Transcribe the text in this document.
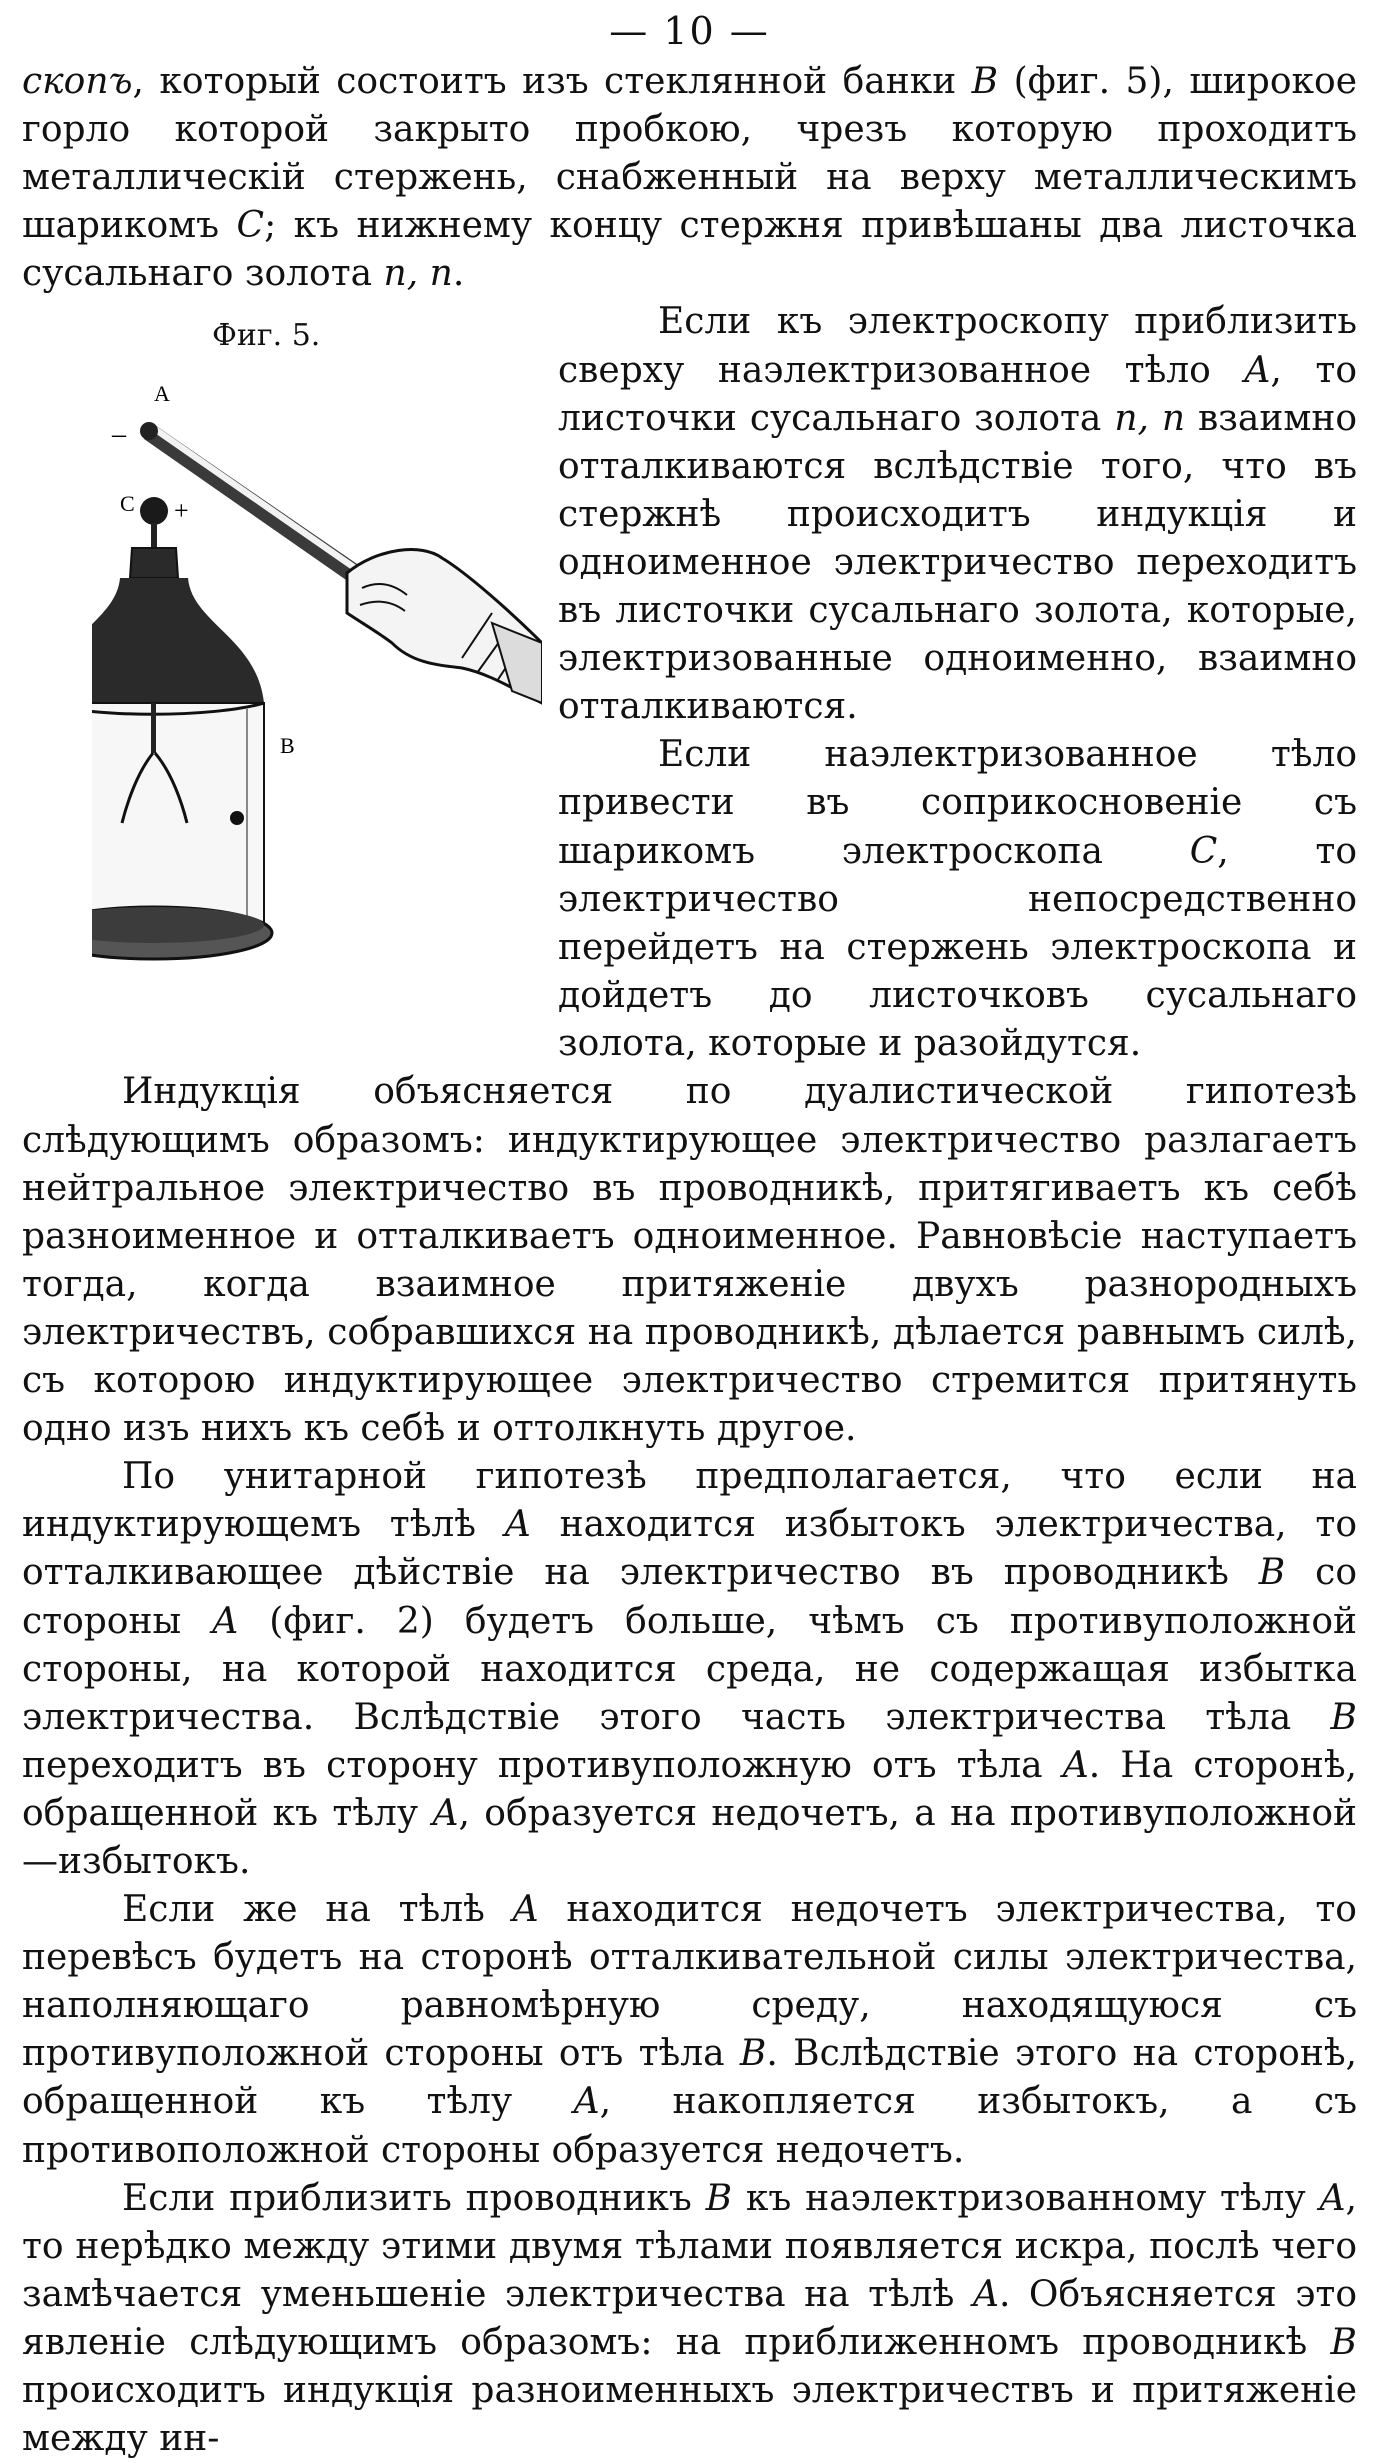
— 10 —

скопъ, который состоитъ изъ стеклянной банки B (фиг. 5), широкое горло которой закрыто пробкою, чрезъ которую проходитъ металлическій стержень, снабженный на верху металлическимъ шарикомъ C; къ нижнему концу стержня привѣшаны два листочка сусальнаго золота n, n.

Фиг. 5.
–
A
C +
B

Если къ электроскопу приблизить сверху наэлектризованное тѣло A, то листочки сусальнаго золота n, n взаимно отталкиваются вслѣдствіе того, что въ стержнѣ происходитъ индукція и одноименное электричество переходитъ въ листочки сусальнаго золота, которые, электризованные одноименно, взаимно отталкиваются.

Если наэлектризованное тѣло привести въ соприкосновеніе съ шарикомъ электроскопа C, то электричество непосредственно перейдетъ на стержень электроскопа и дойдетъ до листочковъ сусальнаго золота, которые и разойдутся.

Индукція объясняется по дуалистической гипотезѣ слѣдующимъ образомъ: индуктирующее электричество разлагаетъ нейтральное электричество въ проводникѣ, притягиваетъ къ себѣ разноименное и отталкиваетъ одноименное. Равновѣсіе наступаетъ тогда, когда взаимное притяженіе двухъ разнородныхъ электричествъ, собравшихся на проводникѣ, дѣлается равнымъ силѣ, съ которою индуктирующее электричество стремится притянуть одно изъ нихъ къ себѣ и оттолкнуть другое.

По унитарной гипотезѣ предполагается, что если на индуктирующемъ тѣлѣ A находится избытокъ электричества, то отталкивающее дѣйствіе на электричество въ проводникѣ B со стороны A (фиг. 2) будетъ больше, чѣмъ съ противуположной стороны, на которой находится среда, не содержащая избытка электричества. Вслѣдствіе этого часть электричества тѣла B переходитъ въ сторону противуположную отъ тѣла A. На сторонѣ, обращенной къ тѣлу A, образуется недочетъ, а на противуположной—избытокъ.

Если же на тѣлѣ A находится недочетъ электричества, то перевѣсъ будетъ на сторонѣ отталкивательной силы электричества, наполняющаго равномѣрную среду, находящуюся съ противуположной стороны отъ тѣла B. Вслѣдствіе этого на сторонѣ, обращенной къ тѣлу A, накопляется избытокъ, а съ противоположной стороны образуется недочетъ.

Если приблизить проводникъ B къ наэлектризованному тѣлу A, то нерѣдко между этими двумя тѣлами появляется искра, послѣ чего замѣчается уменьшеніе электричества на тѣлѣ A. Объясняется это явленіе слѣдующимъ образомъ: на приближенномъ проводникѣ B происходитъ индукція разноименныхъ электричествъ и притяженіе между ин-
